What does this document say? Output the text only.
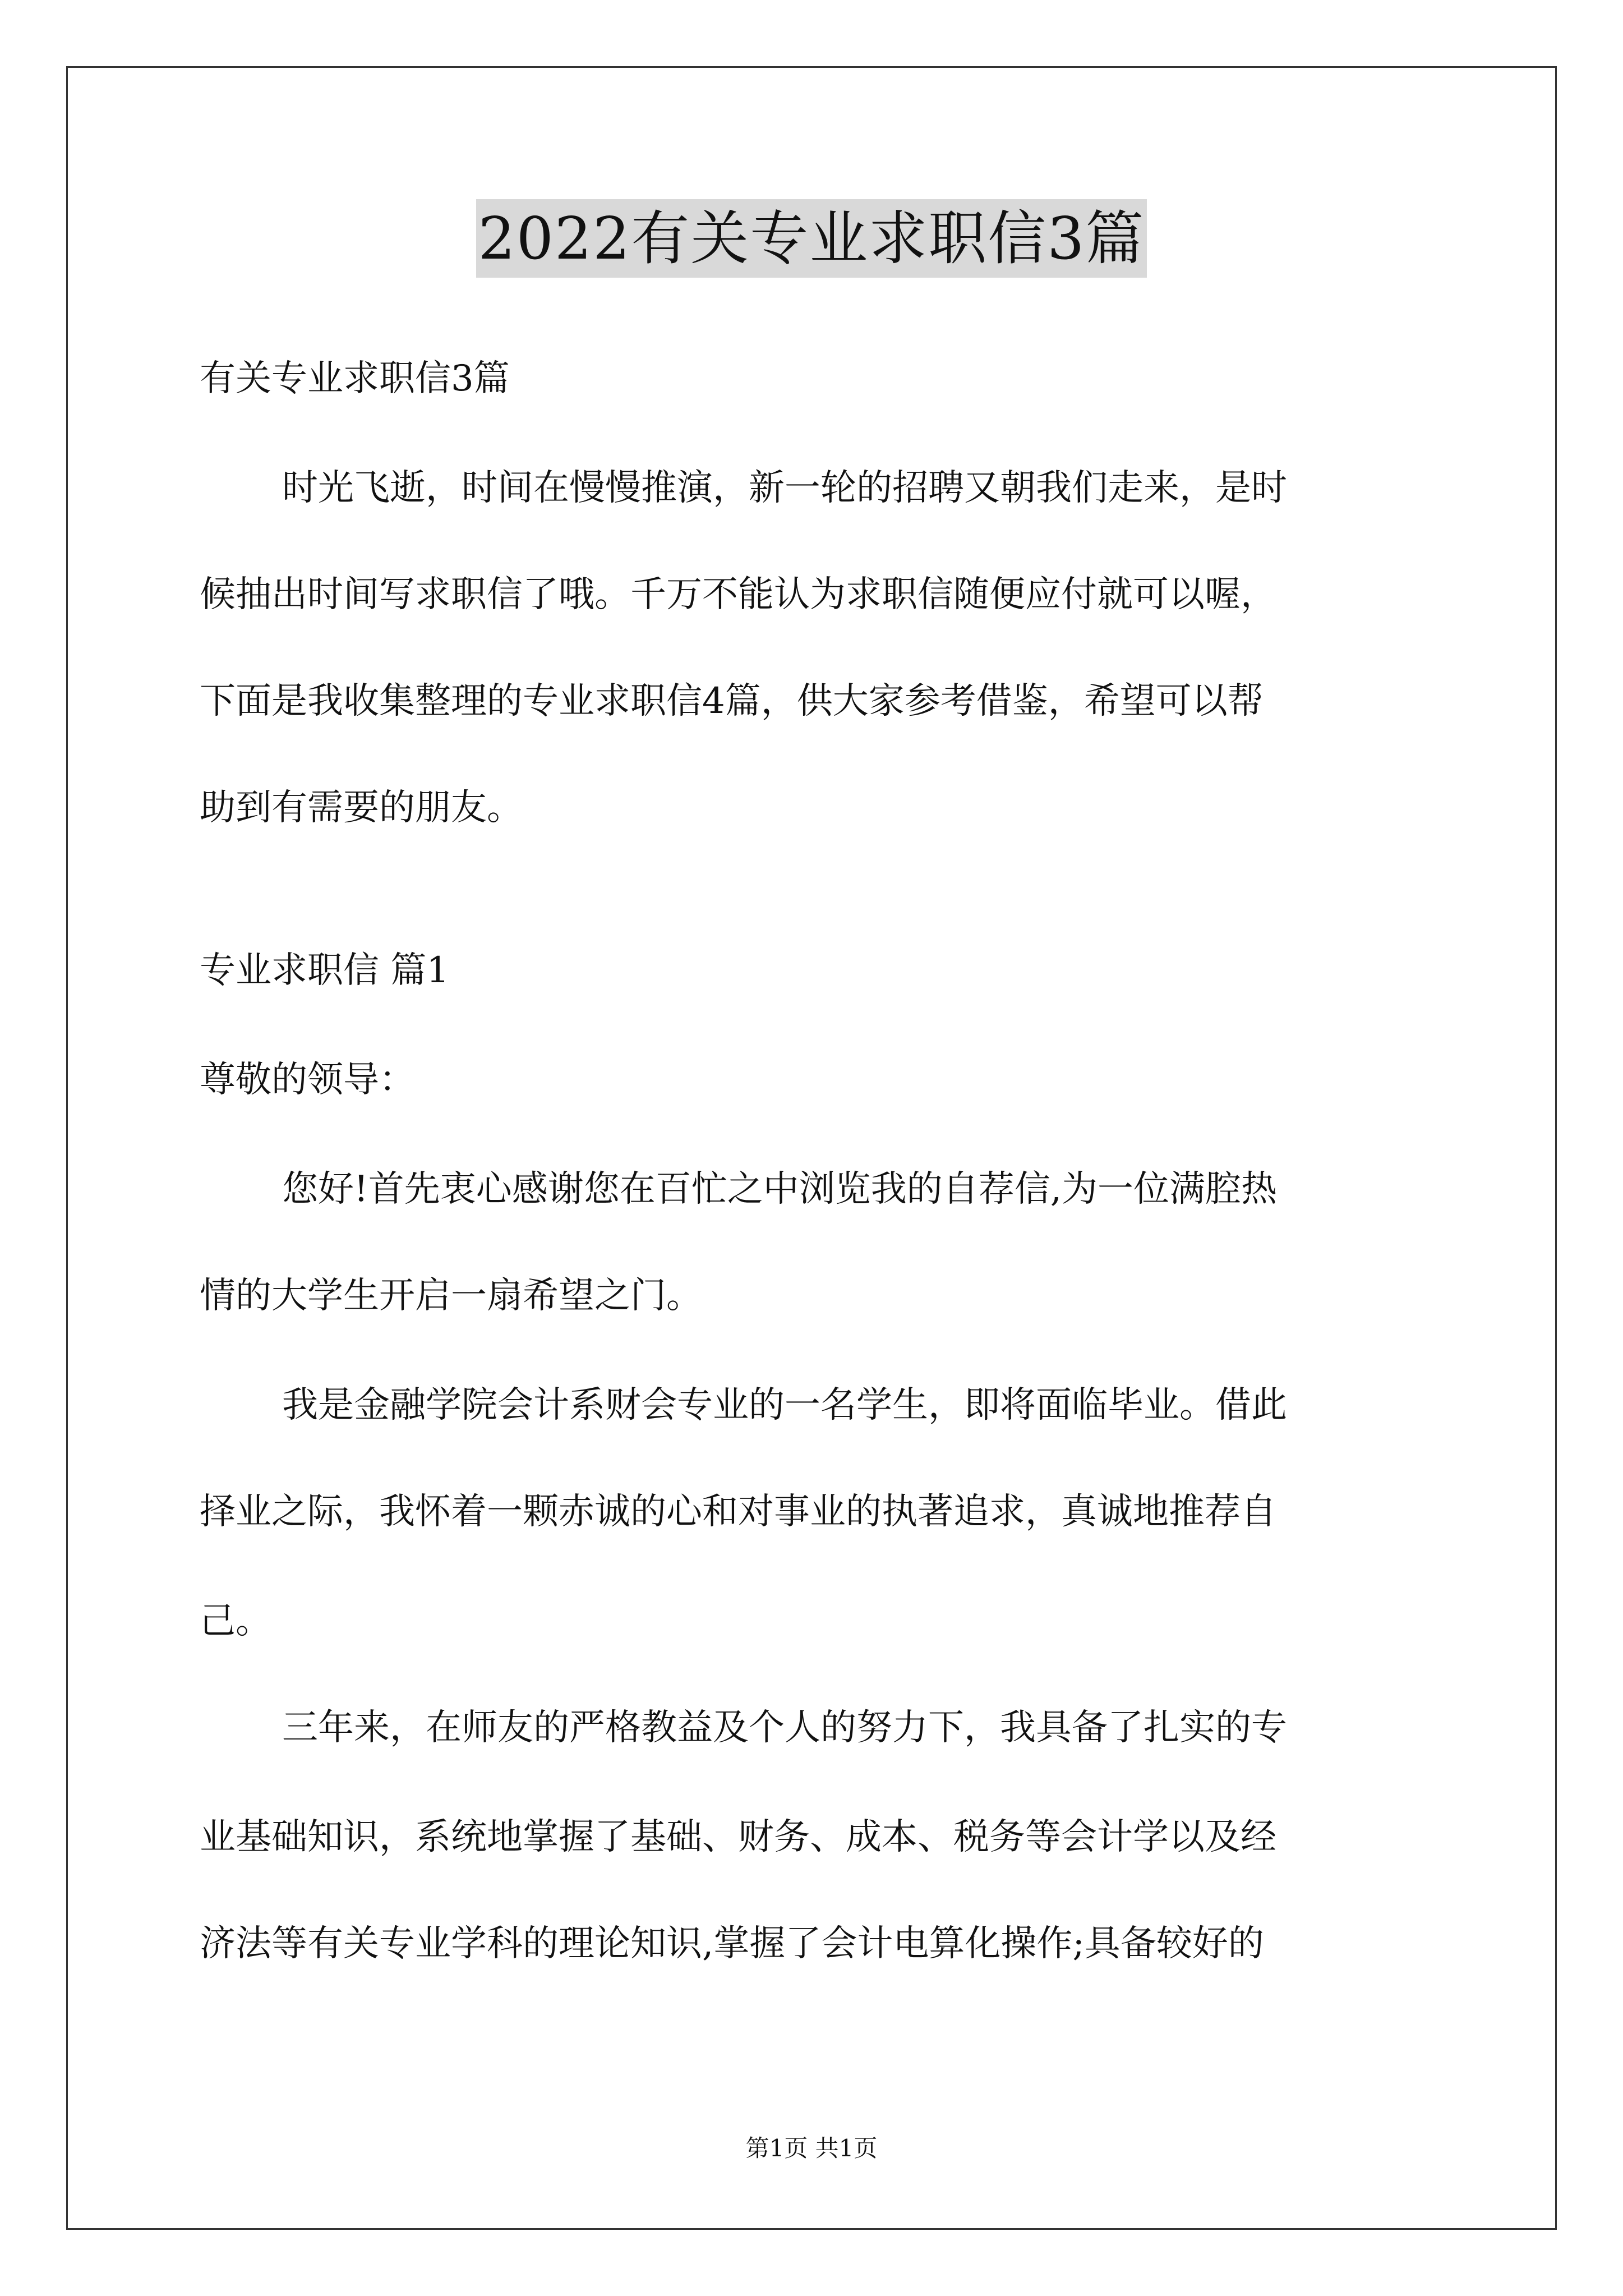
2022有关专业求职信3篇
有关专业求职信3篇
时光飞逝，时间在慢慢推演，新一轮的招聘又朝我们走来，是时
候抽出时间写求职信了哦。千万不能认为求职信随便应付就可以喔，
下面是我收集整理的专业求职信4篇，供大家参考借鉴，希望可以帮
助到有需要的朋友。
专业求职信 篇1
尊敬的领导：
您好!首先衷心感谢您在百忙之中浏览我的自荐信,为一位满腔热
情的大学生开启一扇希望之门。
我是金融学院会计系财会专业的一名学生，即将面临毕业。借此
择业之际，我怀着一颗赤诚的心和对事业的执著追求，真诚地推荐自
己。
三年来，在师友的严格教益及个人的努力下，我具备了扎实的专
业基础知识，系统地掌握了基础、财务、成本、税务等会计学以及经
济法等有关专业学科的理论知识,掌握了会计电算化操作;具备较好的
第1页 共1页
